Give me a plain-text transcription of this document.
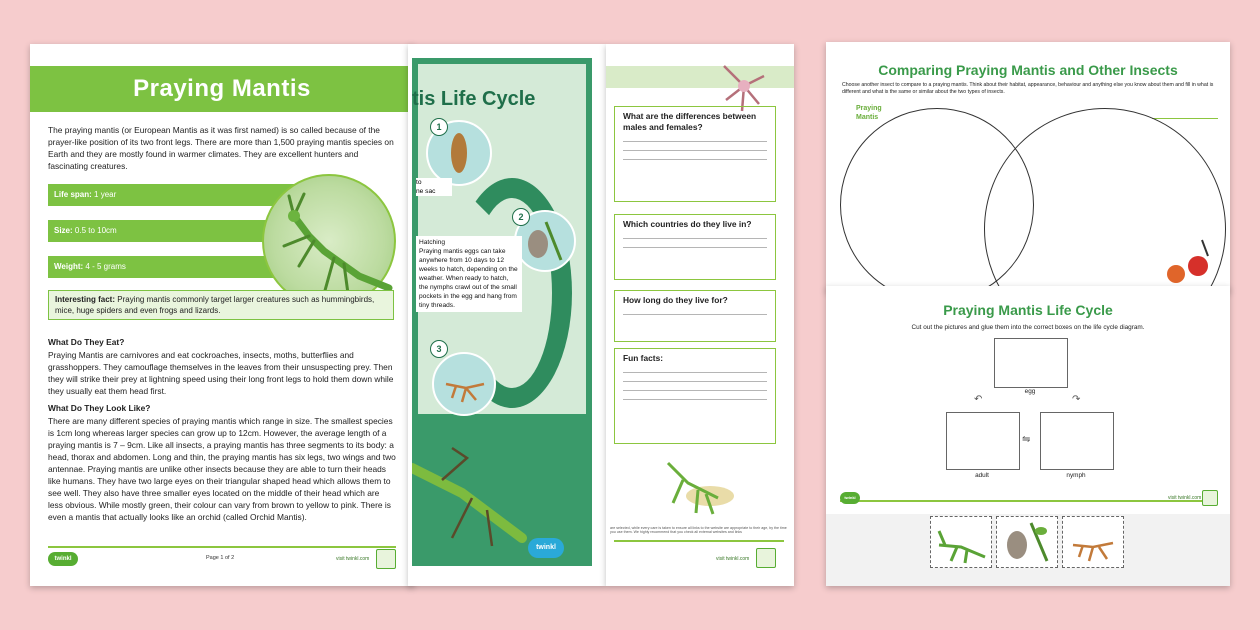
Praying Mantis

The praying mantis (or European Mantis as it was first named) is so called because of the prayer-like position of its two front legs. There are more than 1,500 praying mantis species on Earth and they are mostly found in warmer climates. They are excellent hunters and fascinating creatures.

Life span: 1 year
Size: 0.5 to 10cm
Weight: 4 - 5 grams
Interesting fact: Praying mantis commonly target larger creatures such as hummingbirds, mice, huge spiders and even frogs and lizards.

What Do They Eat?

Praying Mantis are carnivores and eat cockroaches, insects, moths, butterflies and grasshoppers. They camouflage themselves in the leaves from their unsuspecting prey. Then they will strike their prey at lightning speed using their long front legs to hold them down while they usually eat them head first.

What Do They Look Like?

There are many different species of praying mantis which range in size. The smallest species is 1cm long whereas larger species can grow up to 12cm. However, the average length of a praying mantis is 7 – 9cm. Like all insects, a praying mantis has three segments to its body: a head, thorax and abdomen. Long and thin, the praying mantis has six legs, two wings and two antennae. Praying mantis are unlike other insects because they are able to turn their heads like humans. They have two large eyes on their triangular shaped head which allows them to see well. They also have three smaller eyes located on the middle of their head which are less obvious. While mostly green, their colour can vary from brown to yellow to pink. There is even a mantis that actually looks like an orchid (called Orchid Mantis).

twinkl	Page 1 of 2	visit twinkl.com
tis Life Cycle
1
2
3

to
ne sac

Hatching
Praying mantis eggs can take anywhere from 10 days to 12 weeks to hatch, depending on the weather. When ready to hatch, the nymphs crawl out of the small pockets in the egg and hang from tiny threads.

twinkl
What are the differences between males and females?
Which countries do they live in?
How long do they live for?
Fun facts:

are selected, while every care is taken to ensure all links to the website are appropriate to their age, by the time you use them. We highly recommend that you check all external websites and links

visit twinkl.com
Comparing Praying Mantis and Other Insects

Choose another insect to compare to a praying mantis. Think about their habitat, appearance, behaviour and anything else you know about them and fill in what is different and what is the same or similar about the two types of insects.

Praying
Mantis

Praying Mantis Life Cycle

Cut out the pictures and glue them into the correct boxes on the life cycle diagram.

egg

adult	nymph

↶	↷
⇋
twinkl	visit twinkl.com
